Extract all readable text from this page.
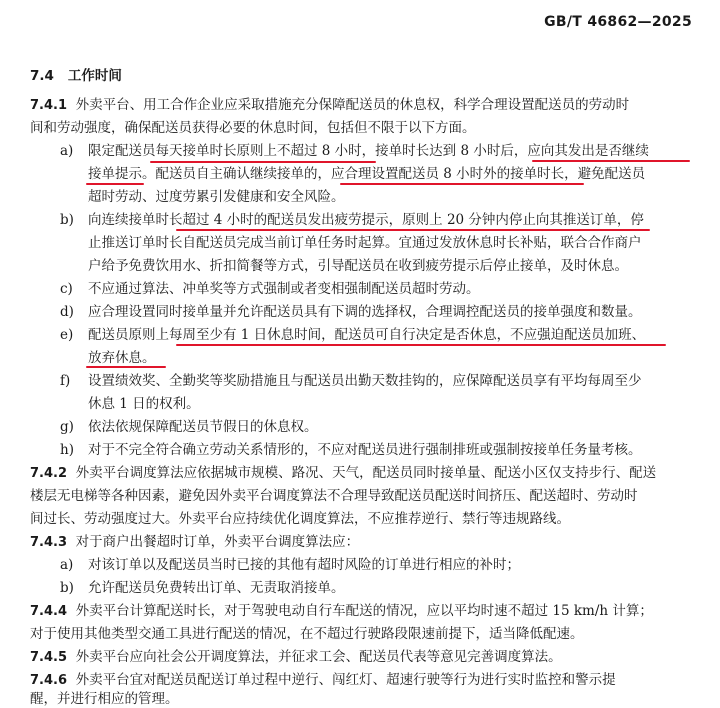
GB/T 46862—2025
7.4 工作时间
7.4.1 外卖平台、用工合作企业应采取措施充分保障配送员的休息权，科学合理设置配送员的劳动时
间和劳动强度，确保配送员获得必要的休息时间，包括但不限于以下方面。
a) 限定配送员每天接单时长原则上不超过 8 小时，接单时长达到 8 小时后，应向其发出是否继续
接单提示。配送员自主确认继续接单的，应合理设置配送员 8 小时外的接单时长，避免配送员
超时劳动、过度劳累引发健康和安全风险。
b) 向连续接单时长超过 4 小时的配送员发出疲劳提示，原则上 20 分钟内停止向其推送订单，停
止推送订单时长自配送员完成当前订单任务时起算。宜通过发放休息时长补贴，联合合作商户
户给予免费饮用水、折扣简餐等方式，引导配送员在收到疲劳提示后停止接单，及时休息。
c) 不应通过算法、冲单奖等方式强制或者变相强制配送员超时劳动。
d) 应合理设置同时接单量并允许配送员具有下调的选择权，合理调控配送员的接单强度和数量。
e) 配送员原则上每周至少有 1 日休息时间，配送员可自行决定是否休息，不应强迫配送员加班、
放弃休息。
f) 设置绩效奖、全勤奖等奖励措施且与配送员出勤天数挂钩的，应保障配送员享有平均每周至少
休息 1 日的权利。
g) 依法依规保障配送员节假日的休息权。
h) 对于不完全符合确立劳动关系情形的，不应对配送员进行强制排班或强制按接单任务量考核。
7.4.2 外卖平台调度算法应依据城市规模、路况、天气，配送员同时接单量、配送小区仅支持步行、配送
楼层无电梯等各种因素，避免因外卖平台调度算法不合理导致配送员配送时间挤压、配送超时、劳动时
间过长、劳动强度过大。外卖平台应持续优化调度算法，不应推荐逆行、禁行等违规路线。
7.4.3 对于商户出餐超时订单，外卖平台调度算法应：
a) 对该订单以及配送员当时已接的其他有超时风险的订单进行相应的补时；
b) 允许配送员免费转出订单、无责取消接单。
7.4.4 外卖平台计算配送时长，对于驾驶电动自行车配送的情况，应以平均时速不超过 15 km/h 计算；
对于使用其他类型交通工具进行配送的情况，在不超过行驶路段限速前提下，适当降低配速。
7.4.5 外卖平台应向社会公开调度算法，并征求工会、配送员代表等意见完善调度算法。
7.4.6 外卖平台宜对配送员配送订单过程中逆行、闯红灯、超速行驶等行为进行实时监控和警示提
醒，并进行相应的管理。
